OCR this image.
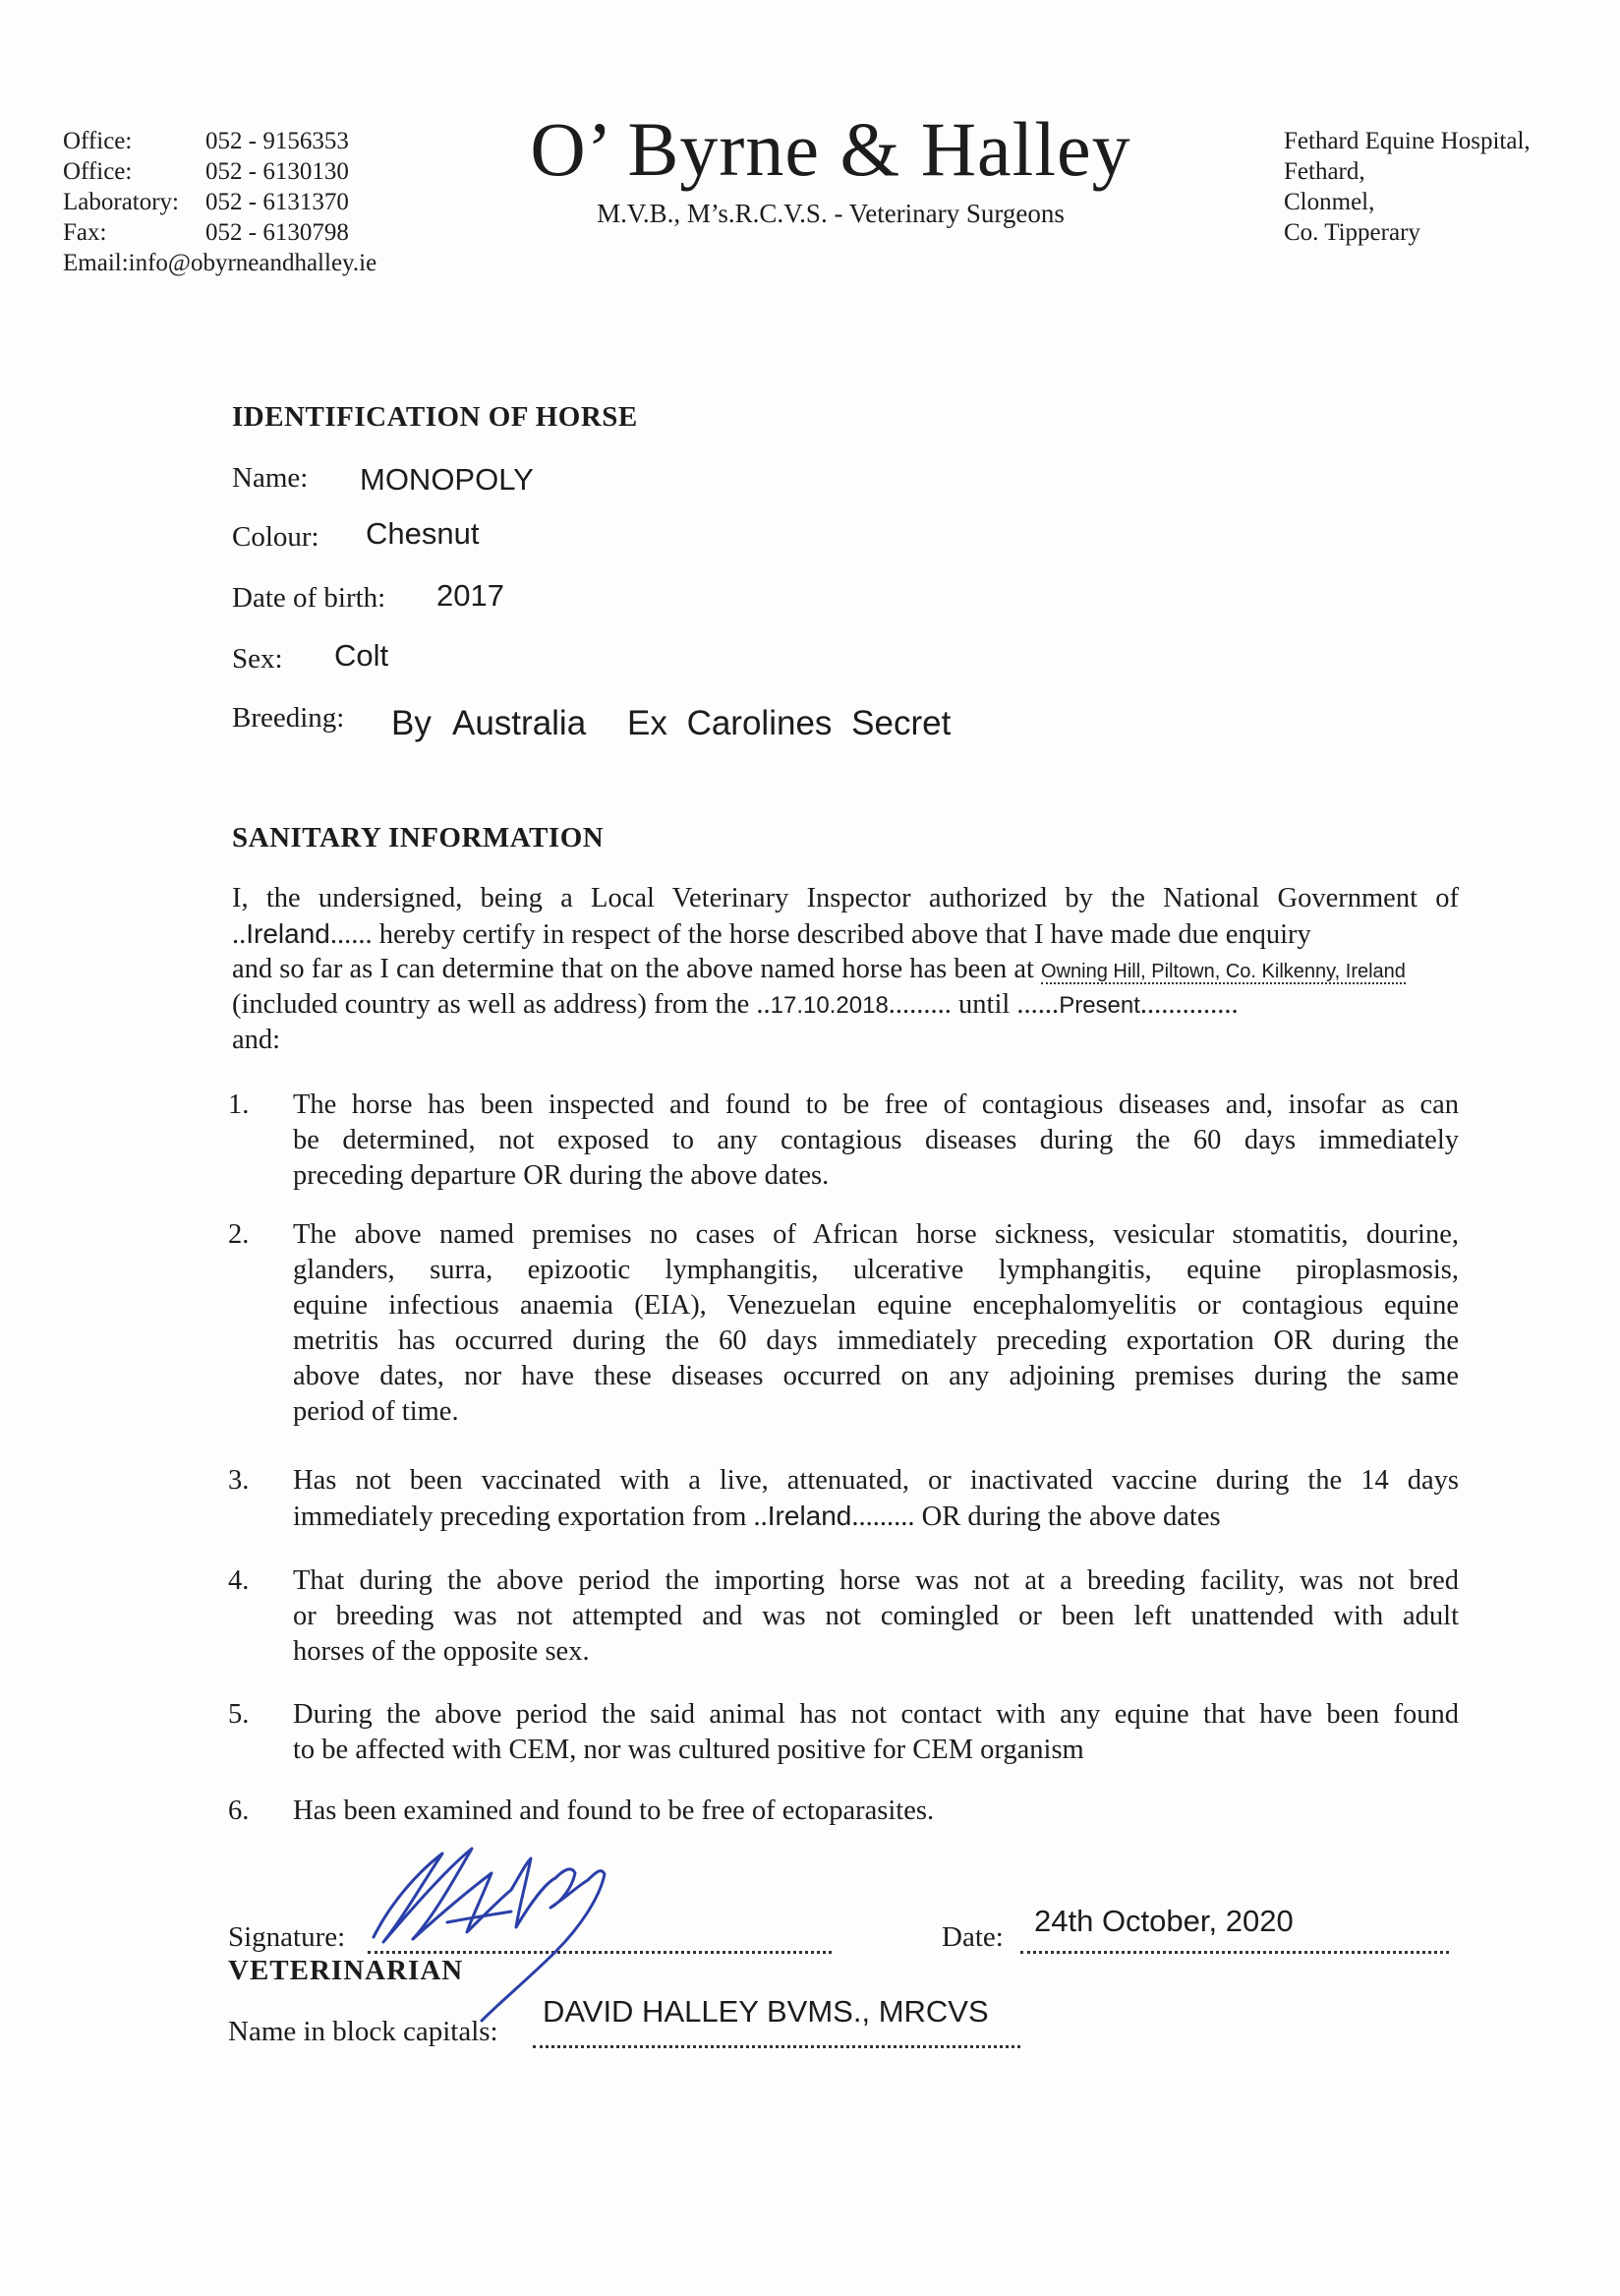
Office:	052 - 9156353
Office:	052 - 6130130
Laboratory:	052 - 6131370
Fax:	052 - 6130798
Email:info@obyrneandhalley.ie
O’ Byrne & Halley
M.V.B., M’s.R.C.V.S. - Veterinary Surgeons
Fethard Equine Hospital,
Fethard,
Clonmel,
Co. Tipperary
IDENTIFICATION OF HORSE
Name: MONOPOLY
Colour: Chesnut
Date of birth: 2017
Sex: Colt
Breeding: By Australia Ex Carolines Secret
SANITARY INFORMATION
I, the undersigned, being a Local Veterinary Inspector authorized by the National Government of
..Ireland...... hereby certify in respect of the horse described above that I have made due enquiry
and so far as I can determine that on the above named horse has been at Owning Hill, Piltown, Co. Kilkenny, Ireland
(included country as well as address) from the ..17.10.2018......... until ......Present..............
and:
1. The horse has been inspected and found to be free of contagious diseases and, insofar as can
be determined, not exposed to any contagious diseases during the 60 days immediately
preceding departure OR during the above dates.
2. The above named premises no cases of African horse sickness, vesicular stomatitis, dourine,
glanders, surra, epizootic lymphangitis, ulcerative lymphangitis, equine piroplasmosis,
equine infectious anaemia (EIA), Venezuelan equine encephalomyelitis or contagious equine
metritis has occurred during the 60 days immediately preceding exportation OR during the
above dates, nor have these diseases occurred on any adjoining premises during the same
period of time.
3. Has not been vaccinated with a live, attenuated, or inactivated vaccine during the 14 days
immediately preceding exportation from ..Ireland......... OR during the above dates
4. That during the above period the importing horse was not at a breeding facility, was not bred
or breeding was not attempted and was not comingled or been left unattended with adult
horses of the opposite sex.
5. During the above period the said animal has not contact with any equine that have been found
to be affected with CEM, nor was cultured positive for CEM organism
6. Has been examined and found to be free of ectoparasites.
Signature:	Date: 24th October, 2020
VETERINARIAN
Name in block capitals:
DAVID HALLEY BVMS., MRCVS
